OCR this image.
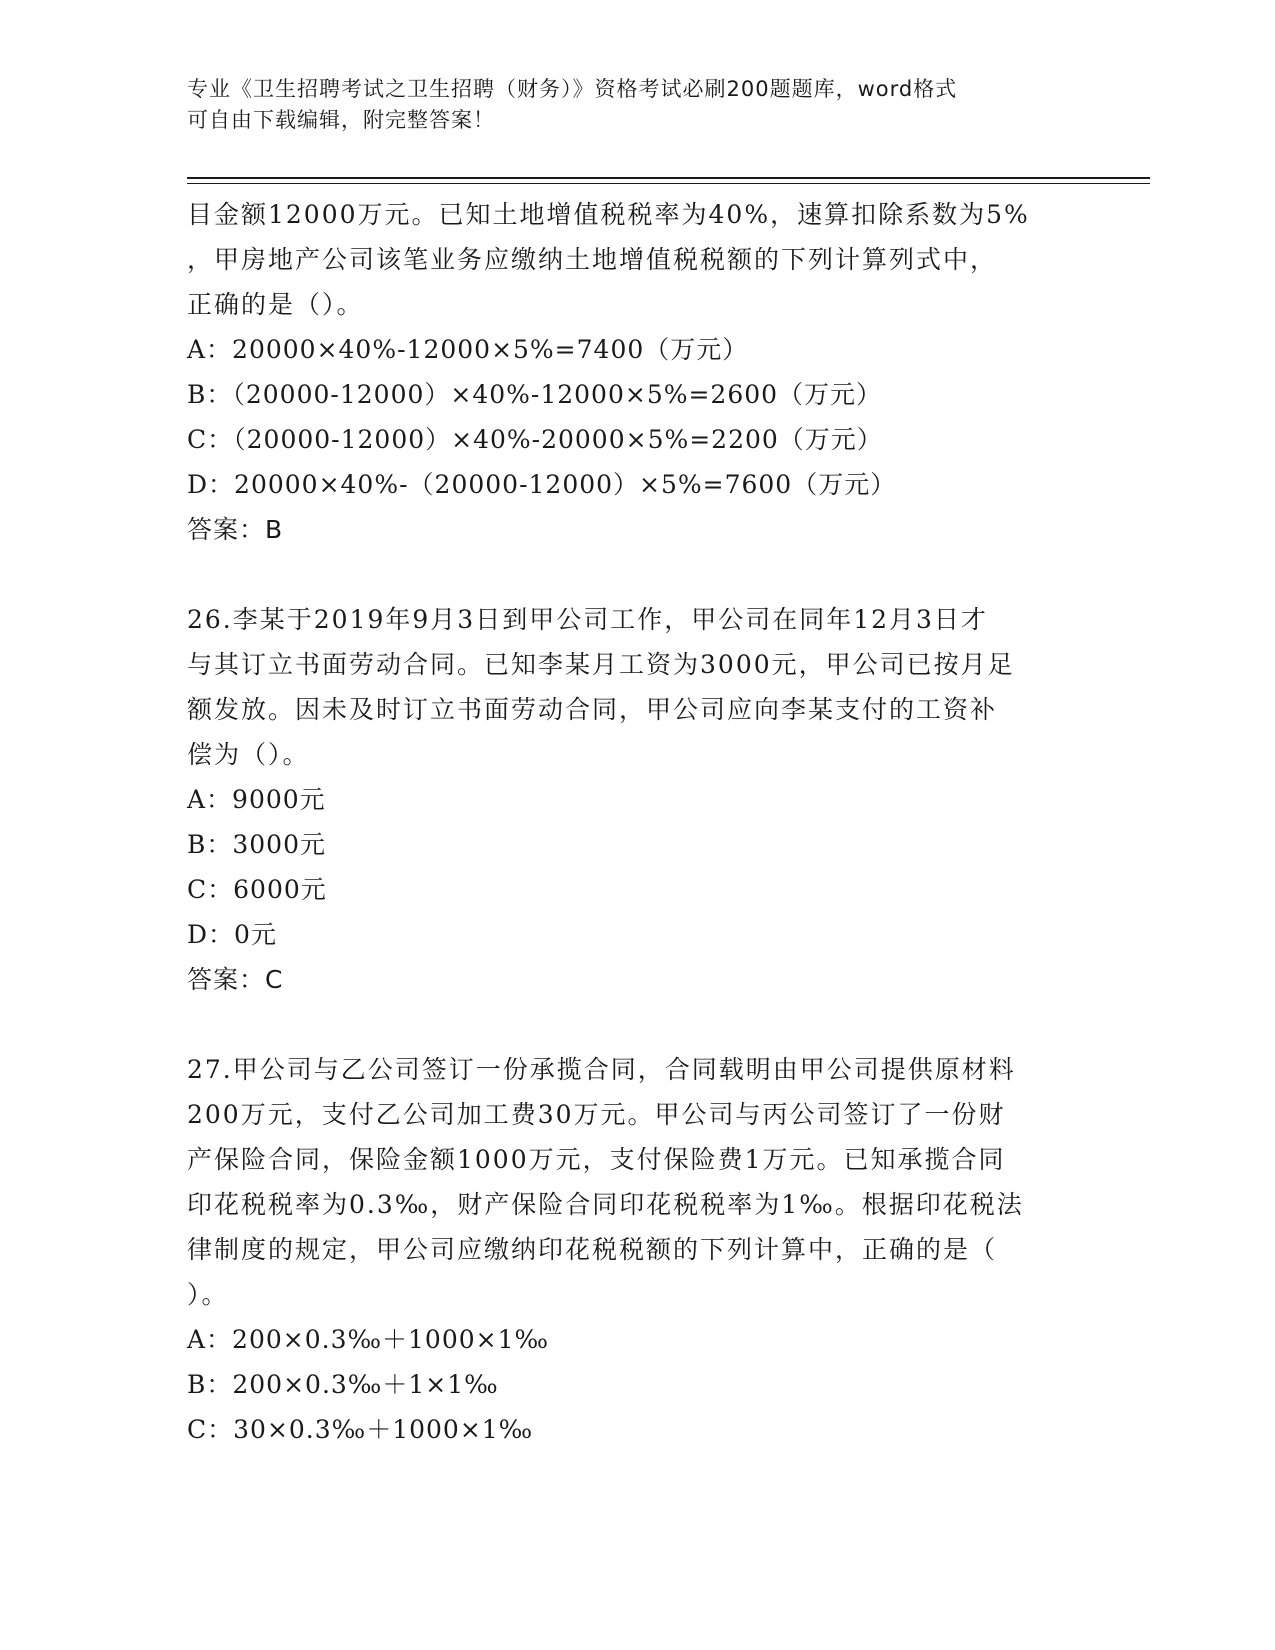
专业《卫生招聘考试之卫生招聘（财务）》资格考试必刷200题题库，word格式
可自由下载编辑，附完整答案！
目金额12000万元。已知土地增值税税率为40%，速算扣除系数为5%
，甲房地产公司该笔业务应缴纳土地增值税税额的下列计算列式中，
正确的是（）。
A：20000×40%-12000×5%=7400（万元）
B：（20000-12000）×40%-12000×5%=2600（万元）
C：（20000-12000）×40%-20000×5%=2200（万元）
D：20000×40%-（20000-12000）×5%=7600（万元）
答案：B
26.李某于2019年9月3日到甲公司工作，甲公司在同年12月3日才
与其订立书面劳动合同。已知李某月工资为3000元，甲公司已按月足
额发放。因未及时订立书面劳动合同，甲公司应向李某支付的工资补
偿为（）。
A：9000元
B：3000元
C：6000元
D：0元
答案：C
27.甲公司与乙公司签订一份承揽合同，合同载明由甲公司提供原材料
200万元，支付乙公司加工费30万元。甲公司与丙公司签订了一份财
产保险合同，保险金额1000万元，支付保险费1万元。已知承揽合同
印花税税率为0.3‰，财产保险合同印花税税率为1‰。根据印花税法
律制度的规定，甲公司应缴纳印花税税额的下列计算中，正确的是（
）。
A：200×0.3‰＋1000×1‰
B：200×0.3‰＋1×1‰
C：30×0.3‰＋1000×1‰
